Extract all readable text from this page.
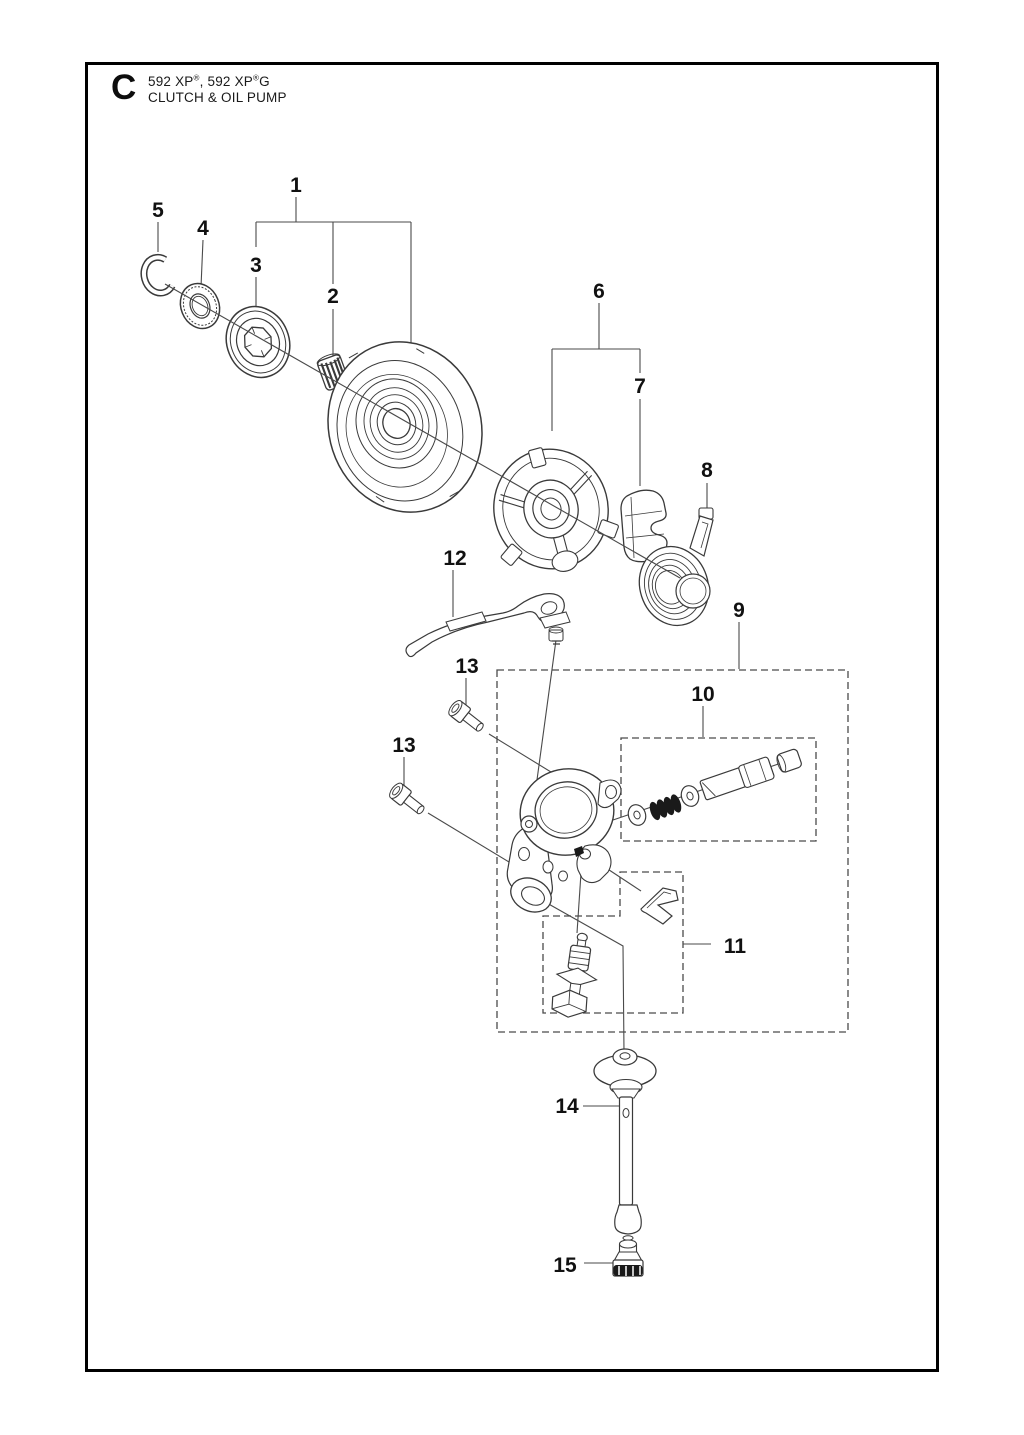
C 592 XP®, 592 XP®G
CLUTCH & OIL PUMP
1
2
3
4
5
6
7
8
9
10
11
12
13
13
14
15
